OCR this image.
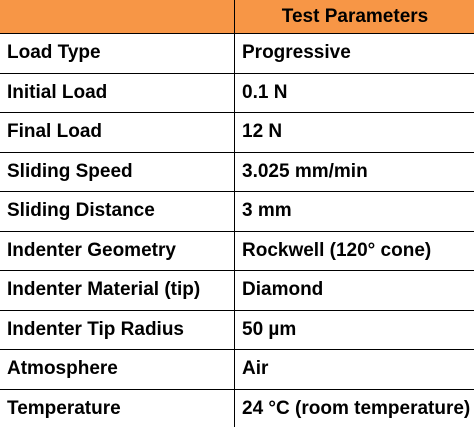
	Test Parameters
Load Type	Progressive
Initial Load	0.1 N
Final Load	12 N
Sliding Speed	3.025 mm/min
Sliding Distance	3 mm
Indenter Geometry	Rockwell (120° cone)
Indenter Material (tip)	Diamond
Indenter Tip Radius	50 µm
Atmosphere	Air
Temperature	24 °C (room temperature)
